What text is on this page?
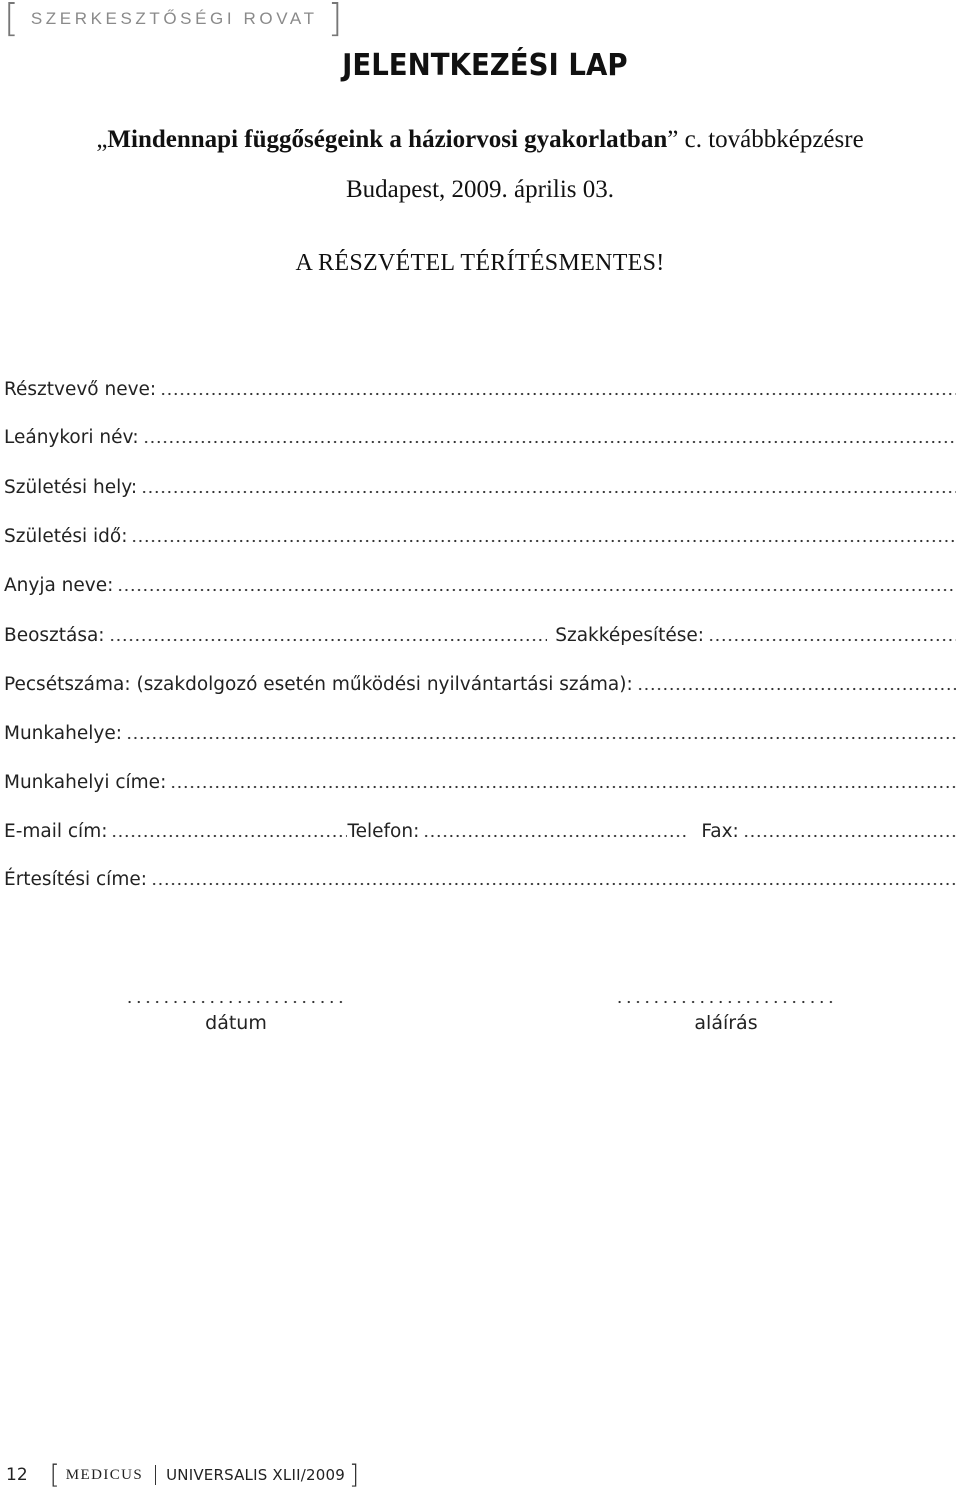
[ SZERKESZTŐSÉGI ROVAT ]
JELENTKEZÉSI LAP
„Mindennapi függőségeink a háziorvosi gyakorlatban” c. továbbképzésre
Budapest, 2009. április 03.
A RÉSZVÉTEL TÉRÍTÉSMENTES!
Résztvevő neve:
Leánykori név:
Születési hely:
Születési idő:
Anyja neve:
Beosztása:	Szakképesítése:
Pecsétszáma: (szakdolgozó esetén működési nyilvántartási száma):
Munkahelye:
Munkahelyi címe:
E-mail cím:	Telefon:	Fax:
Értesítési címe:
dátum	aláírás
12 [ MEDICUS UNIVERSALIS XLII/2009 ]
